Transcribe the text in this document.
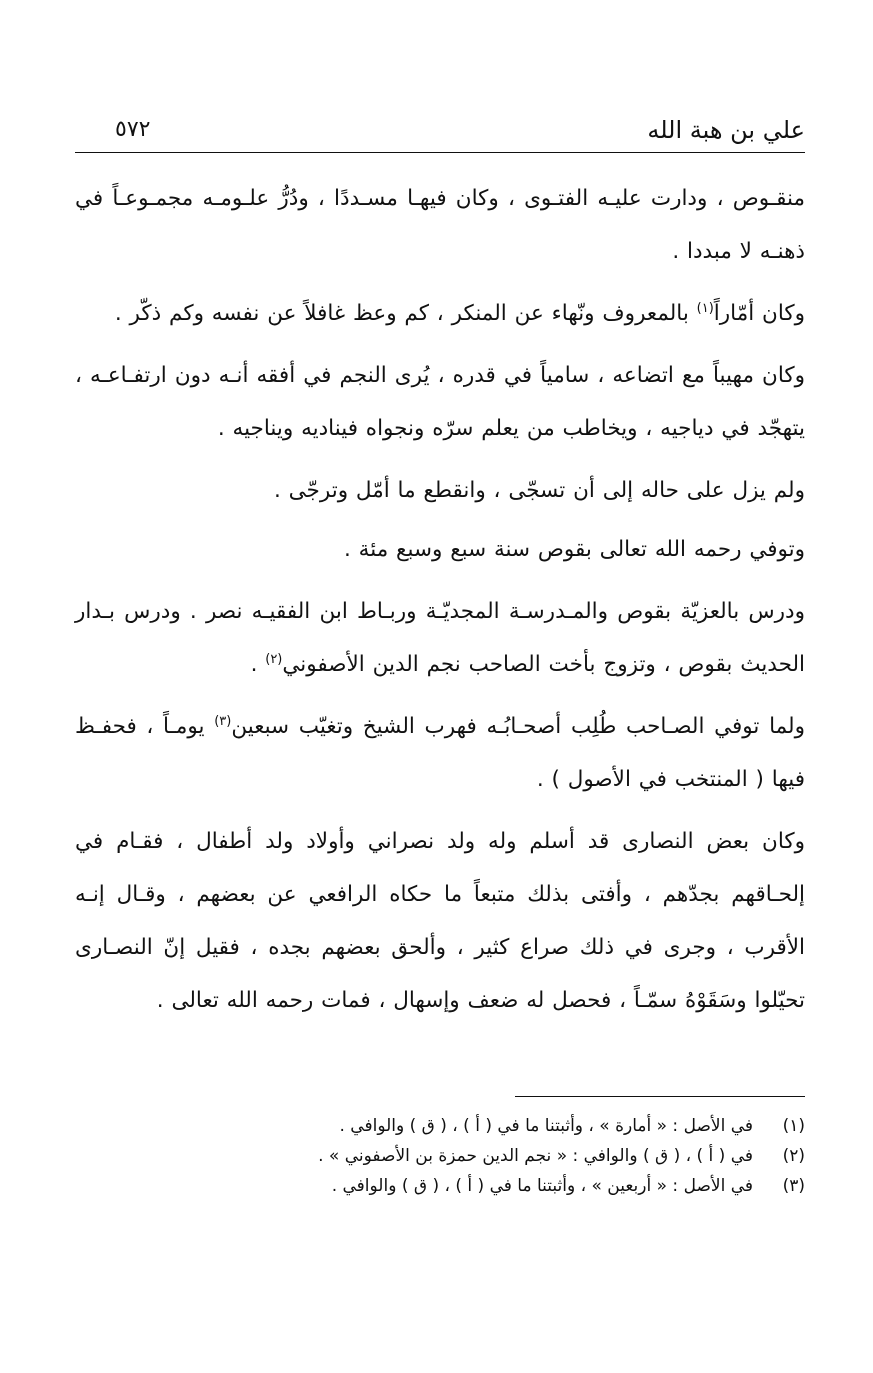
علي بن هبة الله
٥٧٢

منقـوص ، ودارت عليـه الفتـوى ، وكان فيهـا مسـددًا ، ودُرُّ علـومـه مجمـوعـاً في ذهنـه لا مبددا .

وكان أمّاراً$^{(١)}$ بالمعروف ونّهاء عن المنكر ، كم وعظ غافلاً عن نفسه وكم ذكّر .

وكان مهيباً مع اتضاعه ، سامياً في قدره ، يُرى النجم في أفقه أنـه دون ارتفـاعـه ، يتهجّد في دياجيه ، ويخاطب من يعلم سرّه ونجواه فيناديه ويناجيه .

ولم يزل على حاله إلى أن تسجّى ، وانقطع ما أمّل وترجّى .

وتوفي رحمه الله تعالى بقوص سنة سبع وسبع مئة .

ودرس بالعزيّة بقوص والمـدرسـة المجديّـة وربـاط ابن الفقيـه نصر . ودرس بـدار الحديث بقوص ، وتزوج بأخت الصاحب نجم الدين الأصفوني$^{(٢)}$ .

ولما توفي الصـاحب طُلِب أصحـابُـه فهرب الشيخ وتغيّب سبعين$^{(٣)}$ يومـاً ، فحفـظ فيها ( المنتخب في الأصول ) .

وكان بعض النصارى قد أسلم وله ولد نصراني وأولاد ولد أطفال ، فقـام في إلحـاقهم بجدّهم ، وأفتى بذلك متبعاً ما حكاه الرافعي عن بعضهم ، وقـال إنـه الأقرب ، وجرى في ذلك صراع كثير ، وألحق بعضهم بجده ، فقيل إنّ النصـارى تحيّلوا وسَقَوْهُ سمّـاً ، فحصل له ضعف وإسهال ، فمات رحمه الله تعالى .

(١)
في الأصل : « أمارة » ، وأثبتنا ما في ( أ ) ، ( ق ) والوافي .
(٢)
في ( أ ) ، ( ق ) والوافي : « نجم الدين حمزة بن الأصفوني » .
(٣)
في الأصل : « أربعين » ، وأثبتنا ما في ( أ ) ، ( ق ) والوافي .
